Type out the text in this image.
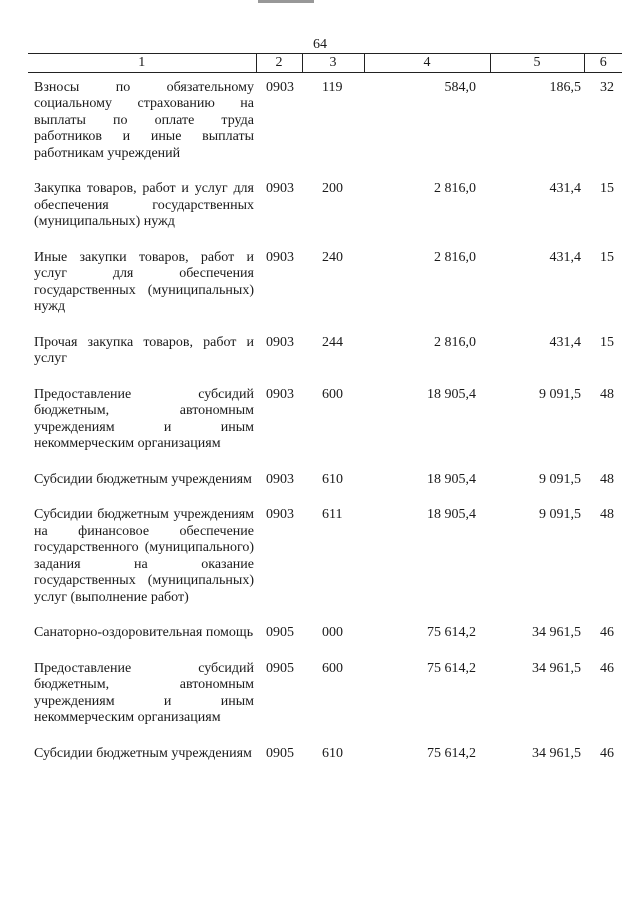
64
1	2	3	4	5	6

Взносы по обязательному социальному страхованию на выплаты по оплате труда работников и иные выплаты работникам учреждений	0903	119	584,0	186,5	32

Закупка товаров, работ и услуг для обеспечения государственных (муниципальных) нужд	0903	200	2 816,0	431,4	15

Иные закупки товаров, работ и услуг для обеспечения государственных (муниципальных) нужд	0903	240	2 816,0	431,4	15

Прочая закупка товаров, работ и услуг	0903	244	2 816,0	431,4	15

Предоставление субсидий бюджетным, автономным учреждениям и иным некоммерческим организациям	0903	600	18 905,4	9 091,5	48

Субсидии бюджетным учреждениям	0903	610	18 905,4	9 091,5	48

Субсидии бюджетным учреждениям на финансовое обеспечение государственного (муниципального) задания на оказание государственных (муниципальных) услуг (выполнение работ)	0903	611	18 905,4	9 091,5	48

Санаторно-оздоровительная помощь	0905	000	75 614,2	34 961,5	46

Предоставление субсидий бюджетным, автономным учреждениям и иным некоммерческим организациям	0905	600	75 614,2	34 961,5	46

Субсидии бюджетным учреждениям	0905	610	75 614,2	34 961,5	46
